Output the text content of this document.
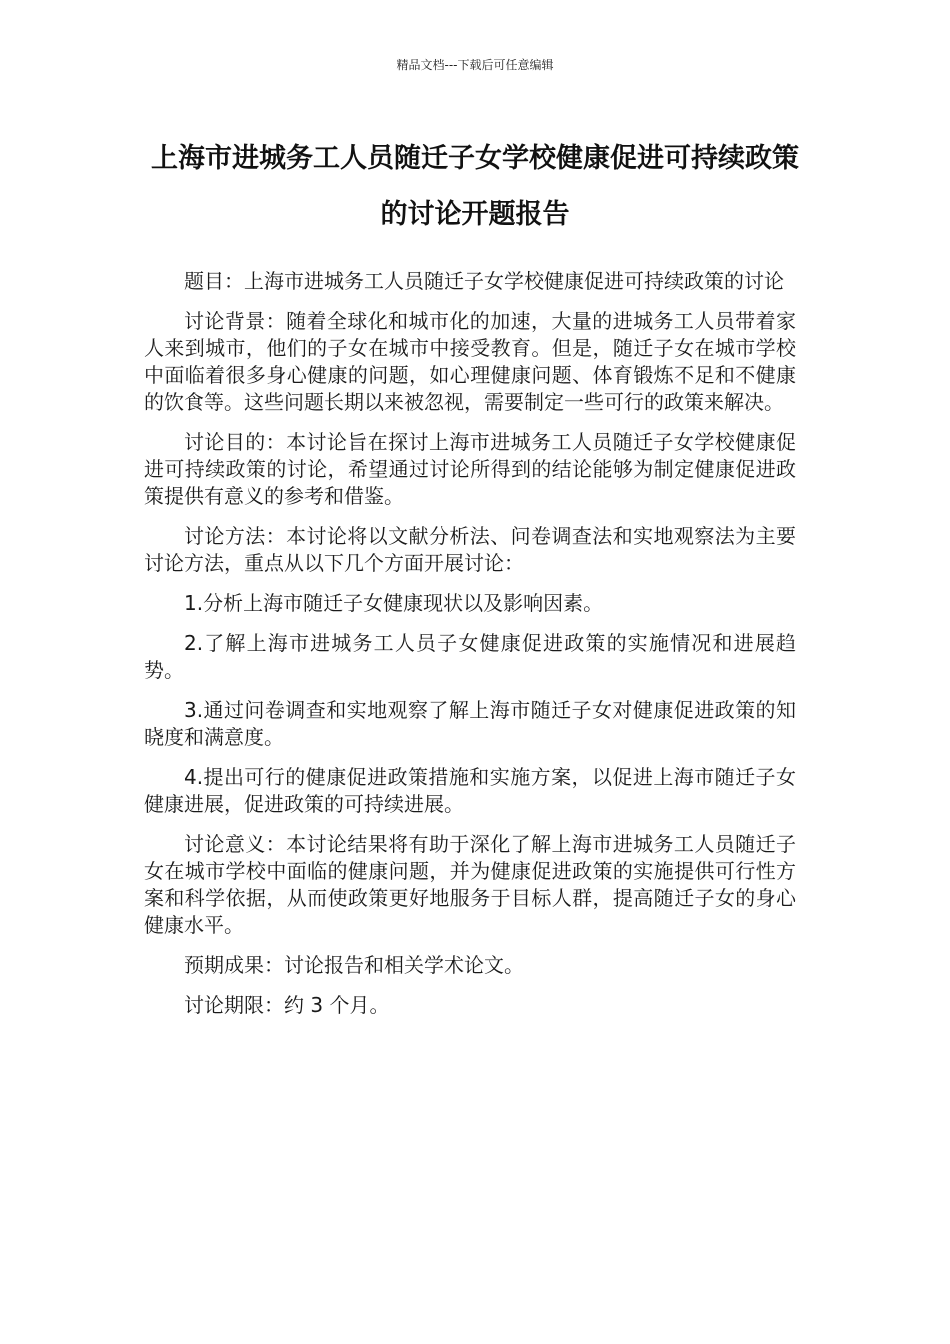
精品文档---下载后可任意编辑
上海市进城务工人员随迁子女学校健康促进可持续政策的讨论开题报告

题目：上海市进城务工人员随迁子女学校健康促进可持续政策的讨论

讨论背景：随着全球化和城市化的加速，大量的进城务工人员带着家人来到城市，他们的子女在城市中接受教育。但是，随迁子女在城市学校中面临着很多身心健康的问题，如心理健康问题、体育锻炼不足和不健康的饮食等。这些问题长期以来被忽视，需要制定一些可行的政策来解决。

讨论目的：本讨论旨在探讨上海市进城务工人员随迁子女学校健康促进可持续政策的讨论，希望通过讨论所得到的结论能够为制定健康促进政策提供有意义的参考和借鉴。

讨论方法：本讨论将以文献分析法、问卷调查法和实地观察法为主要讨论方法，重点从以下几个方面开展讨论：

1.分析上海市随迁子女健康现状以及影响因素。

2.了解上海市进城务工人员子女健康促进政策的实施情况和进展趋势。

3.通过问卷调查和实地观察了解上海市随迁子女对健康促进政策的知晓度和满意度。

4.提出可行的健康促进政策措施和实施方案，以促进上海市随迁子女健康进展，促进政策的可持续进展。

讨论意义：本讨论结果将有助于深化了解上海市进城务工人员随迁子女在城市学校中面临的健康问题，并为健康促进政策的实施提供可行性方案和科学依据，从而使政策更好地服务于目标人群，提高随迁子女的身心健康水平。

预期成果：讨论报告和相关学术论文。

讨论期限：约 3 个月。
